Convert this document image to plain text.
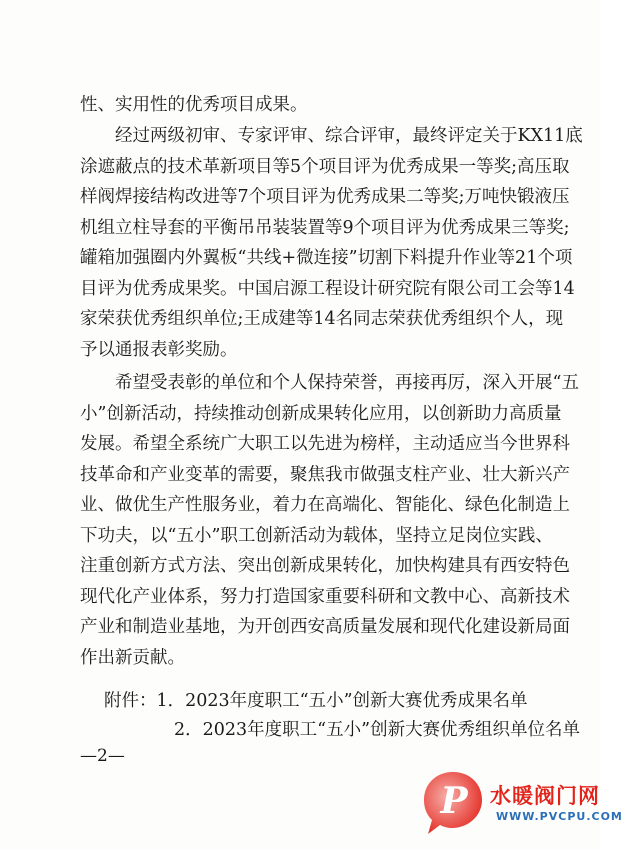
性、实用性的优秀项目成果。

　　经过两级初审、专家评审、综合评审，最终评定关于KX11底
涂遮蔽点的技术革新项目等5个项目评为优秀成果一等奖;高压取
样阀焊接结构改进等7个项目评为优秀成果二等奖;万吨快锻液压
机组立柱导套的平衡吊吊装装置等9个项目评为优秀成果三等奖;
罐箱加强圈内外翼板“共线+微连接”切割下料提升作业等21个项
目评为优秀成果奖。中国启源工程设计研究院有限公司工会等14
家荣获优秀组织单位;王成建等14名同志荣获优秀组织个人，现
予以通报表彰奖励。

　　希望受表彰的单位和个人保持荣誉，再接再厉，深入开展“五
小”创新活动，持续推动创新成果转化应用，以创新助力高质量
发展。希望全系统广大职工以先进为榜样，主动适应当今世界科
技革命和产业变革的需要，聚焦我市做强支柱产业、壮大新兴产
业、做优生产性服务业，着力在高端化、智能化、绿色化制造上
下功夫，以“五小”职工创新活动为载体，坚持立足岗位实践、
注重创新方式方法、突出创新成果转化，加快构建具有西安特色
现代化产业体系，努力打造国家重要科研和文教中心、高新技术
产业和制造业基地，为开创西安高质量发展和现代化建设新局面
作出新贡献。

附件：1．2023年度职工“五小”创新大赛优秀成果名单
2．2023年度职工“五小”创新大赛优秀组织单位名单
—2—
P 水暖阀门网
WWW.PVCPU.COM
